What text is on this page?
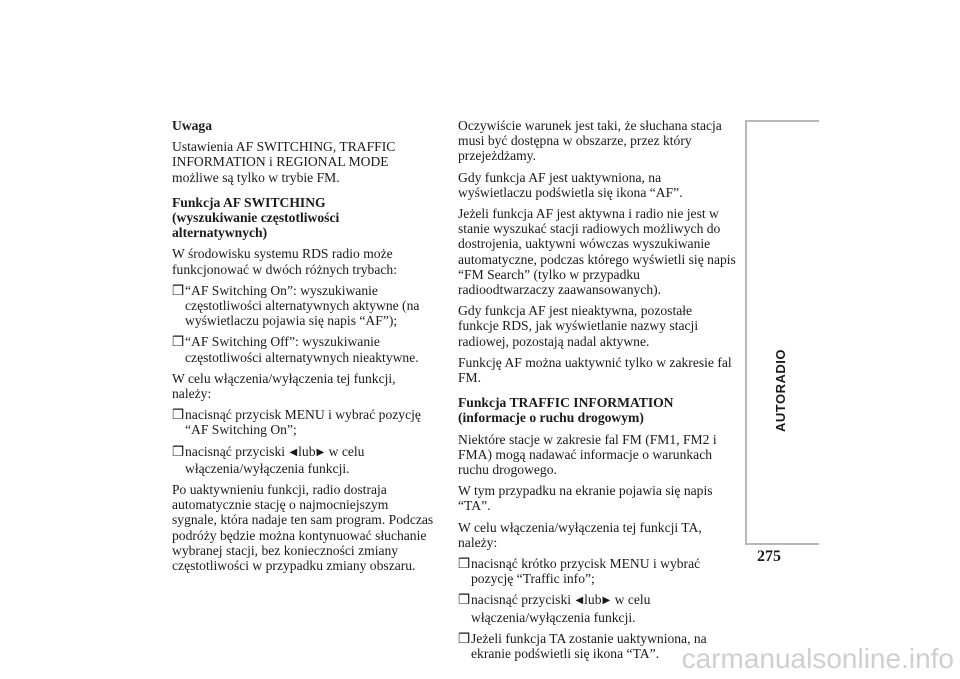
Uwaga

Ustawienia AF SWITCHING, TRAFFIC INFORMATION i REGIONAL MODE możliwe są tylko w trybie FM.

Funkcja AF SWITCHING
(wyszukiwanie częstotliwości alternatywnych)

W środowisku systemu RDS radio może funkcjonować w dwóch różnych trybach:

❒“AF Switching On”: wyszukiwanie częstotliwości alternatywnych aktywne (na wyświetlaczu pojawia się napis “AF”);
❒“AF Switching Off”: wyszukiwanie częstotliwości alternatywnych nieaktywne.

W celu włączenia/wyłączenia tej funkcji, należy:

❒nacisnąć przycisk MENU i wybrać pozycję “AF Switching On”;
❒nacisnąć przyciski ◀lub▶ w celu włączenia/wyłączenia funkcji.

Po uaktywnieniu funkcji, radio dostraja automatycznie stację o najmocniejszym sygnale, która nadaje ten sam program. Podczas podróży będzie można kontynuować słuchanie wybranej stacji, bez konieczności zmiany częstotliwości w przypadku zmiany obszaru.

Oczywiście warunek jest taki, że słuchana stacja musi być dostępna w obszarze, przez który przejeżdżamy.

Gdy funkcja AF jest uaktywniona, na wyświetlaczu podświetla się ikona “AF”.

Jeżeli funkcja AF jest aktywna i radio nie jest w stanie wyszukać stacji radiowych możliwych do dostrojenia, uaktywni wówczas wyszukiwanie automatyczne, podczas którego wyświetli się napis “FM Search” (tylko w przypadku radioodtwarzaczy zaawansowanych).

Gdy funkcja AF jest nieaktywna, pozostałe funkcje RDS, jak wyświetlanie nazwy stacji radiowej, pozostają nadal aktywne.

Funkcję AF można uaktywnić tylko w zakresie fal FM.

Funkcja TRAFFIC INFORMATION
(informacje o ruchu drogowym)

Niektóre stacje w zakresie fal FM (FM1, FM2 i FMA) mogą nadawać informacje o warunkach ruchu drogowego.

W tym przypadku na ekranie pojawia się napis “TA”.

W celu włączenia/wyłączenia tej funkcji TA, należy:

❒nacisnąć krótko przycisk MENU i wybrać pozycję “Traffic info”;
❒nacisnąć przyciski ◀lub▶ w celu włączenia/wyłączenia funkcji.
❒Jeżeli funkcja TA zostanie uaktywniona, na ekranie podświetli się ikona “TA”.
AUTORADIO
275
carmanualsonline.info
